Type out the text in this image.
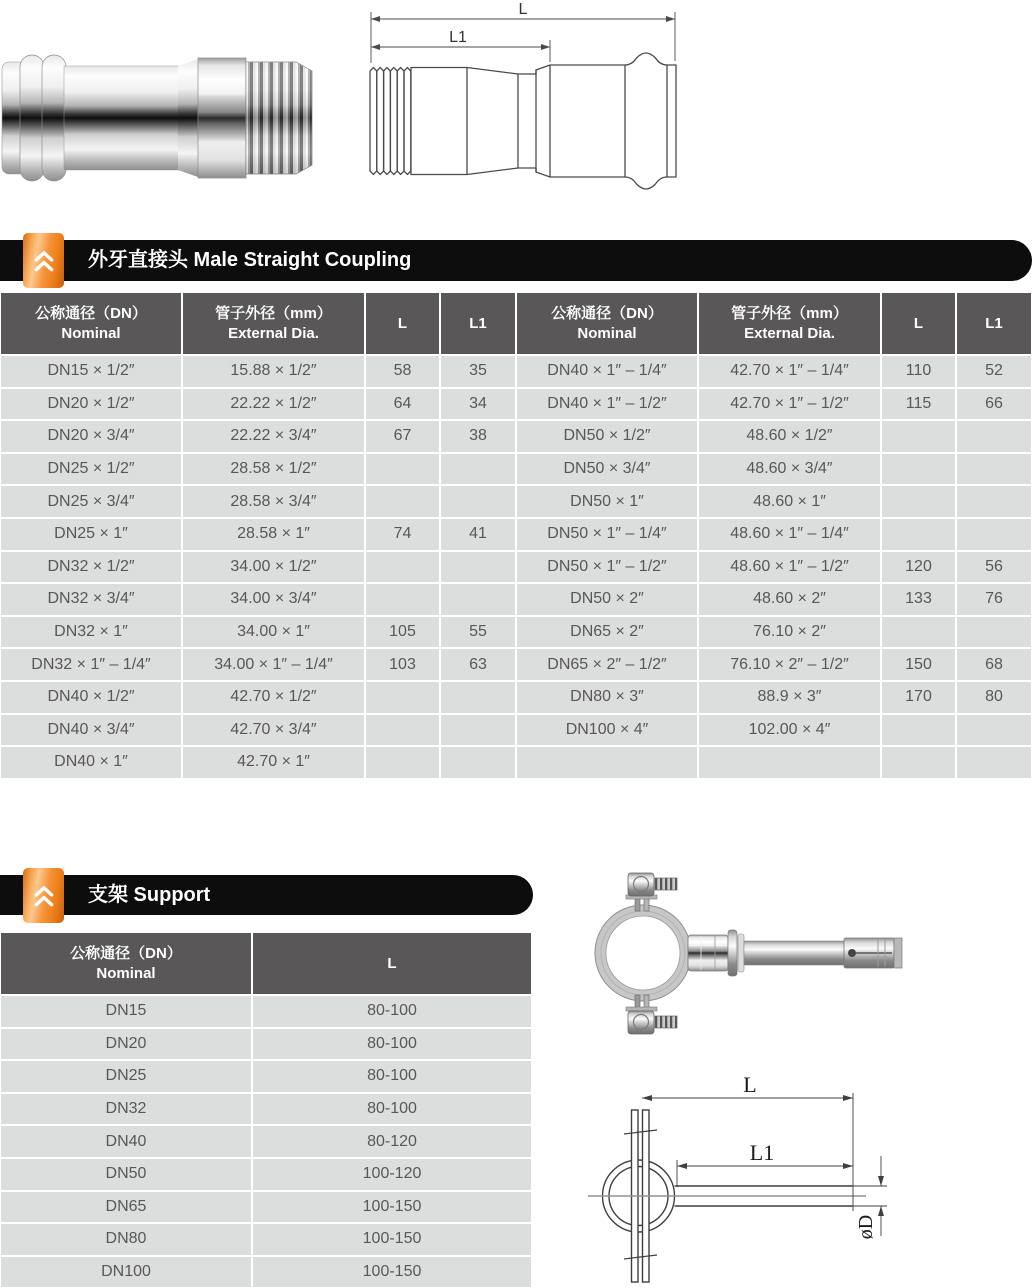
L
L1
外牙直接头 Male Straight Coupling
公称通径（DN）
Nominal	管子外径（mm）
External Dia.	L	L1
DN15 × 1/2″	15.88 × 1/2″	58	35
DN20 × 1/2″	22.22 × 1/2″	64	34
DN20 × 3/4″	22.22 × 3/4″	67	38
DN25 × 1/2″	28.58 × 1/2″		
DN25 × 3/4″	28.58 × 3/4″		
DN25 × 1″	28.58 × 1″	74	41
DN32 × 1/2″	34.00 × 1/2″		
DN32 × 3/4″	34.00 × 3/4″		
DN32 × 1″	34.00 × 1″	105	55
DN32 × 1″ – 1/4″	34.00 × 1″ – 1/4″	103	63
DN40 × 1/2″	42.70 × 1/2″		
DN40 × 3/4″	42.70 × 3/4″		
DN40 × 1″	42.70 × 1″		
公称通径（DN）
Nominal	管子外径（mm）
External Dia.	L	L1
DN40 × 1″ – 1/4″	42.70 × 1″ – 1/4″	110	52
DN40 × 1″ – 1/2″	42.70 × 1″ – 1/2″	115	66
DN50 × 1/2″	48.60 × 1/2″		
DN50 × 3/4″	48.60 × 3/4″		
DN50 × 1″	48.60 × 1″		
DN50 × 1″ – 1/4″	48.60 × 1″ – 1/4″		
DN50 × 1″ – 1/2″	48.60 × 1″ – 1/2″	120	56
DN50 × 2″	48.60 × 2″	133	76
DN65 × 2″	76.10 × 2″		
DN65 × 2″ – 1/2″	76.10 × 2″ – 1/2″	150	68
DN80 × 3″	88.9 × 3″	170	80
DN100 × 4″	102.00 × 4″		

支架 Support
公称通径（DN）
Nominal	L
DN15	80-100
DN20	80-100
DN25	80-100
DN32	80-100
DN40	80-120
DN50	100-120
DN65	100-150
DN80	100-150
DN100	100-150
L
L1
øD
